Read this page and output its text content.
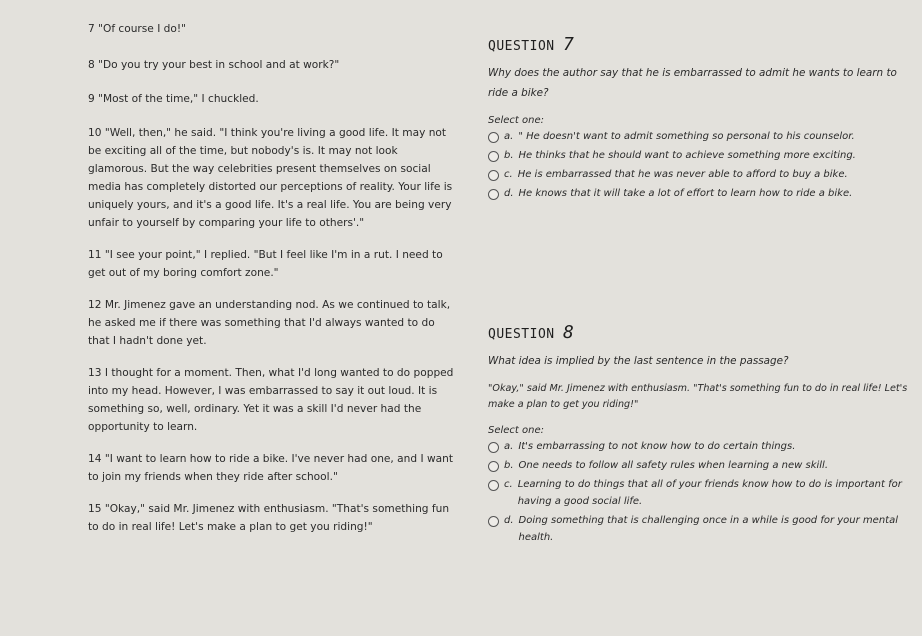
7 "Of course I do!"

8 "Do you try your best in school and at work?"

9 "Most of the time," I chuckled.

10 "Well, then," he said. "I think you're living a good life. It may not be exciting all of the time, but nobody's is. It may not look glamorous. But the way celebrities present themselves on social media has completely distorted our perceptions of reality. Your life is uniquely yours, and it's a good life. It's a real life. You are being very unfair to yourself by comparing your life to others'."

11 "I see your point," I replied. "But I feel like I'm in a rut. I need to get out of my boring comfort zone."

12 Mr. Jimenez gave an understanding nod. As we continued to talk, he asked me if there was something that I'd always wanted to do that I hadn't done yet.

13 I thought for a moment. Then, what I'd long wanted to do popped into my head. However, I was embarrassed to say it out loud. It is something so, well, ordinary. Yet it was a skill I'd never had the opportunity to learn.

14 "I want to learn how to ride a bike. I've never had one, and I want to join my friends when they ride after school."

15 "Okay," said Mr. Jimenez with enthusiasm. "That's something fun to do in real life! Let's make a plan to get you riding!"

QUESTION 7
Why does the author say that he is embarrassed to admit he wants to learn to ride a bike?
Select one:
a. " He doesn't want to admit something so personal to his counselor.
b. He thinks that he should want to achieve something more exciting.
c. He is embarrassed that he was never able to afford to buy a bike.
d. He knows that it will take a lot of effort to learn how to ride a bike.
QUESTION 8
What idea is implied by the last sentence in the passage?
"Okay," said Mr. Jimenez with enthusiasm. "That's something fun to do in real life! Let's make a plan to get you riding!"
Select one:
a. It's embarrassing to not know how to do certain things.
b. One needs to follow all safety rules when learning a new skill.
c. Learning to do things that all of your friends know how to do is important for having a good social life.
d. Doing something that is challenging once in a while is good for your mental health.
